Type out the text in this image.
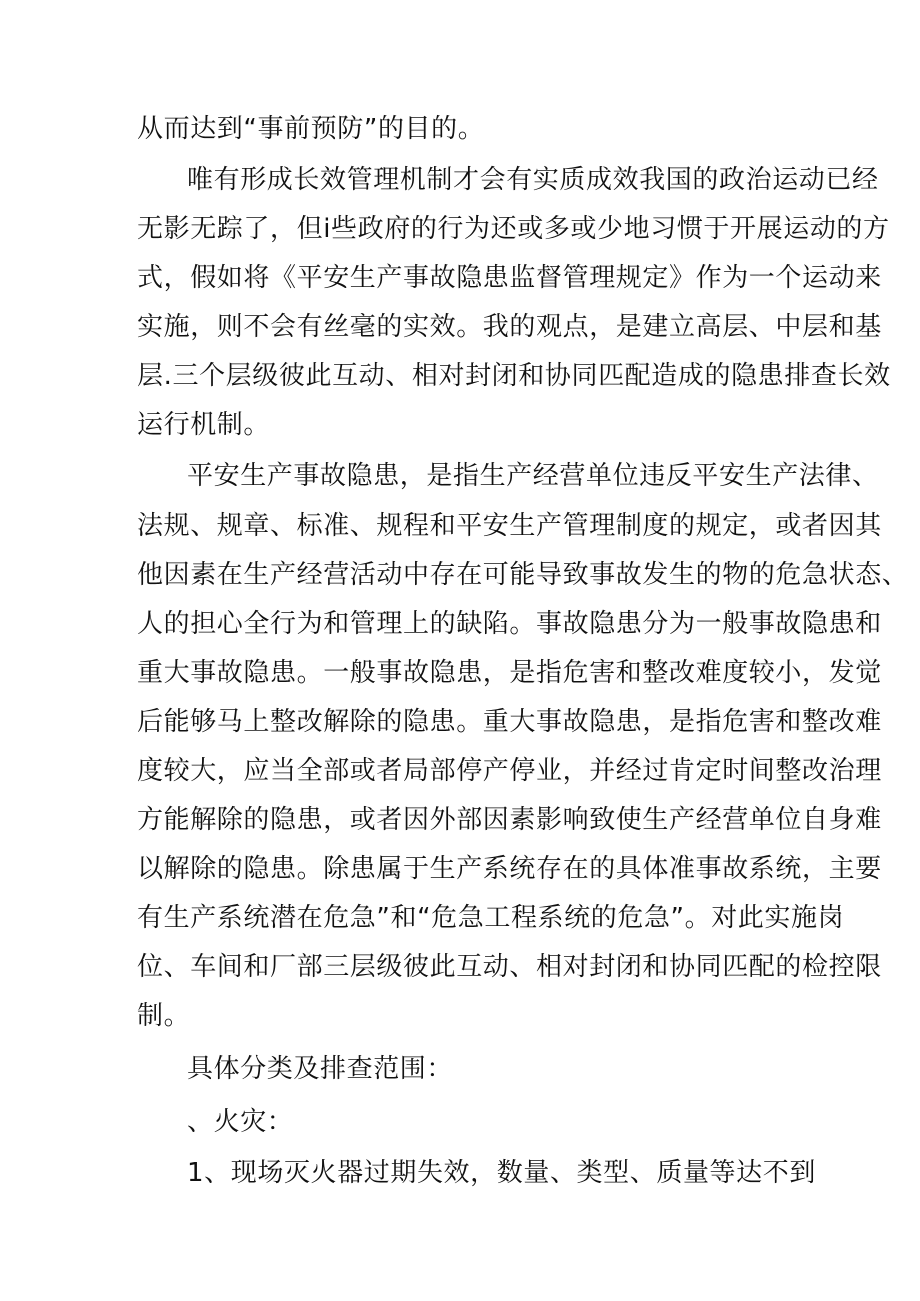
从而达到“事前预防”的目的。

唯有形成长效管理机制才会有实质成效我国的政治运动已经

无影无踪了，但i些政府的行为还或多或少地习惯于开展运动的方

式，假如将《平安生产事故隐患监督管理规定》作为一个运动来

实施，则不会有丝毫的实效。我的观点，是建立高层、中层和基

层.三个层级彼此互动、相对封闭和协同匹配造成的隐患排查长效

运行机制。

平安生产事故隐患，是指生产经营单位违反平安生产法律、

法规、规章、标准、规程和平安生产管理制度的规定，或者因其

他因素在生产经营活动中存在可能导致事故发生的物的危急状态、

人的担心全行为和管理上的缺陷。事故隐患分为一般事故隐患和

重大事故隐患。一般事故隐患，是指危害和整改难度较小，发觉

后能够马上整改解除的隐患。重大事故隐患，是指危害和整改难

度较大，应当全部或者局部停产停业，并经过肯定时间整改治理

方能解除的隐患，或者因外部因素影响致使生产经营单位自身难

以解除的隐患。除患属于生产系统存在的具体准事故系统，主要

有生产系统潜在危急”和“危急工程系统的危急”。对此实施岗

位、车间和厂部三层级彼此互动、相对封闭和协同匹配的检控限

制。

具体分类及排查范围：

、火灾：

1、现场灭火器过期失效，数量、类型、质量等达不到
